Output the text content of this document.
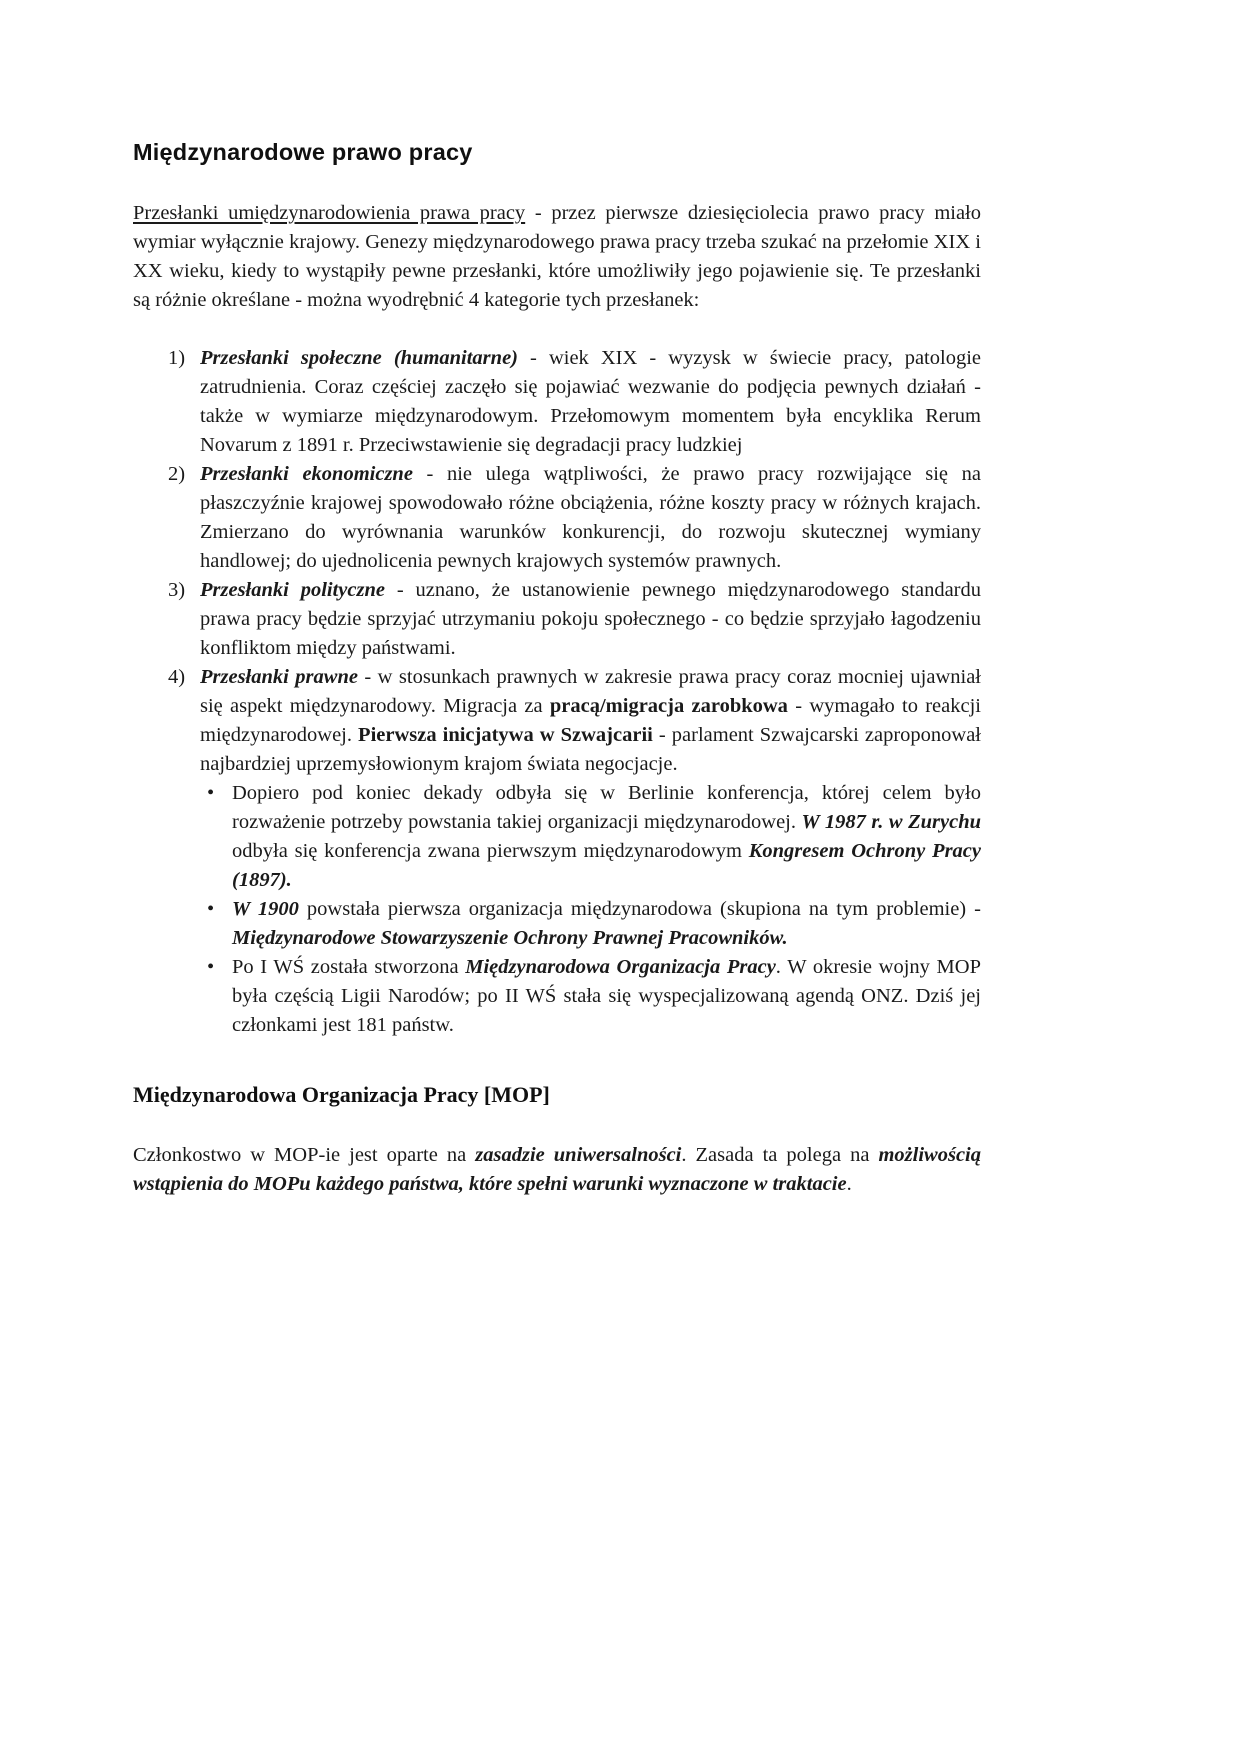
Międzynarodowe prawo pracy

Przesłanki umiędzynarodowienia prawa pracy - przez pierwsze dziesięciolecia prawo pracy miało wymiar wyłącznie krajowy. Genezy międzynarodowego prawa pracy trzeba szukać na przełomie XIX i XX wieku, kiedy to wystąpiły pewne przesłanki, które umożliwiły jego pojawienie się. Te przesłanki są różnie określane - można wyodrębnić 4 kategorie tych przesłanek:

1) Przesłanki społeczne (humanitarne) - wiek XIX - wyzysk w świecie pracy, patologie zatrudnienia. Coraz częściej zaczęło się pojawiać wezwanie do podjęcia pewnych działań - także w wymiarze międzynarodowym. Przełomowym momentem była encyklika Rerum Novarum z 1891 r. Przeciwstawienie się degradacji pracy ludzkiej
2) Przesłanki ekonomiczne - nie ulega wątpliwości, że prawo pracy rozwijające się na płaszczyźnie krajowej spowodowało różne obciążenia, różne koszty pracy w różnych krajach. Zmierzano do wyrównania warunków konkurencji, do rozwoju skutecznej wymiany handlowej; do ujednolicenia pewnych krajowych systemów prawnych.
3) Przesłanki polityczne - uznano, że ustanowienie pewnego międzynarodowego standardu prawa pracy będzie sprzyjać utrzymaniu pokoju społecznego - co będzie sprzyjało łagodzeniu konfliktom między państwami.
4) Przesłanki prawne - w stosunkach prawnych w zakresie prawa pracy coraz mocniej ujawniał się aspekt międzynarodowy. Migracja za pracą/migracja zarobkowa - wymagało to reakcji międzynarodowej. Pierwsza inicjatywa w Szwajcarii - parlament Szwajcarski zaproponował najbardziej uprzemysłowionym krajom świata negocjacje.
• Dopiero pod koniec dekady odbyła się w Berlinie konferencja, której celem było rozważenie potrzeby powstania takiej organizacji międzynarodowej. W 1987 r. w Zurychu odbyła się konferencja zwana pierwszym międzynarodowym Kongresem Ochrony Pracy (1897).
• W 1900 powstała pierwsza organizacja międzynarodowa (skupiona na tym problemie) - Międzynarodowe Stowarzyszenie Ochrony Prawnej Pracowników.
• Po I WŚ została stworzona Międzynarodowa Organizacja Pracy. W okresie wojny MOP była częścią Ligii Narodów; po II WŚ stała się wyspecjalizowaną agendą ONZ. Dziś jej członkami jest 181 państw.
Międzynarodowa Organizacja Pracy [MOP]

Członkostwo w MOP-ie jest oparte na zasadzie uniwersalności. Zasada ta polega na możliwością wstąpienia do MOPu każdego państwa, które spełni warunki wyznaczone w traktacie.
